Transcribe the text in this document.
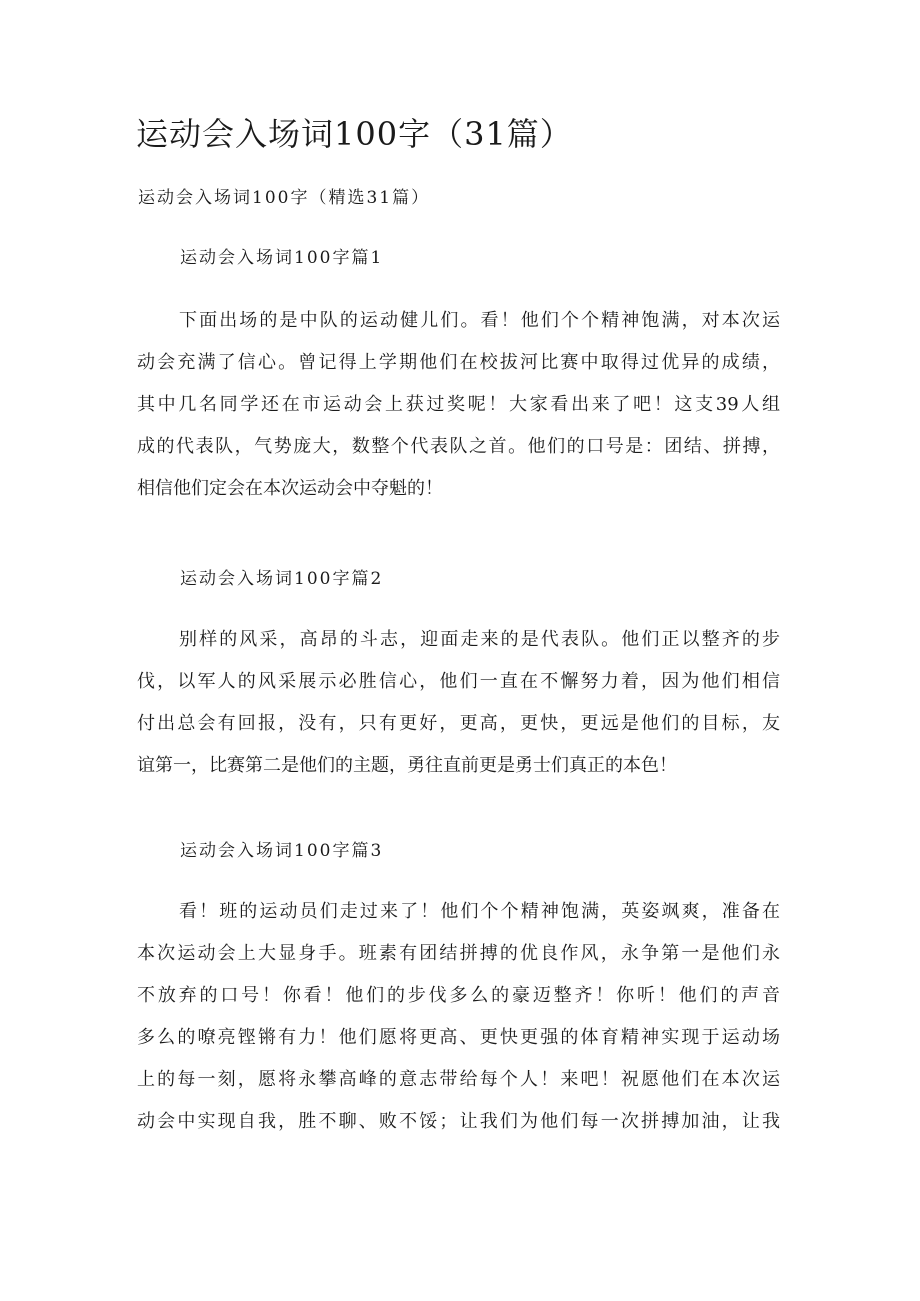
运动会入场词100字（31篇）
运动会入场词100字（精选31篇）
运动会入场词100字篇1
下面出场的是中队的运动健儿们。看！他们个个精神饱满，对本次运
动会充满了信心。曾记得上学期他们在校拔河比赛中取得过优异的成绩，
其中几名同学还在市运动会上获过奖呢！大家看出来了吧！这支39人组
成的代表队，气势庞大，数整个代表队之首。他们的口号是：团结、拼搏，
相信他们定会在本次运动会中夺魁的！
运动会入场词100字篇2
别样的风采，高昂的斗志，迎面走来的是代表队。他们正以整齐的步
伐，以军人的风采展示必胜信心，他们一直在不懈努力着，因为他们相信
付出总会有回报，没有，只有更好，更高，更快，更远是他们的目标，友
谊第一，比赛第二是他们的主题，勇往直前更是勇士们真正的本色！
运动会入场词100字篇3
看！班的运动员们走过来了！他们个个精神饱满，英姿飒爽，准备在
本次运动会上大显身手。班素有团结拼搏的优良作风，永争第一是他们永
不放弃的口号！你看！他们的步伐多么的豪迈整齐！你听！他们的声音
多么的嘹亮铿锵有力！他们愿将更高、更快更强的体育精神实现于运动场
上的每一刻，愿将永攀高峰的意志带给每个人！来吧！祝愿他们在本次运
动会中实现自我，胜不聊、败不馁；让我们为他们每一次拼搏加油，让我
